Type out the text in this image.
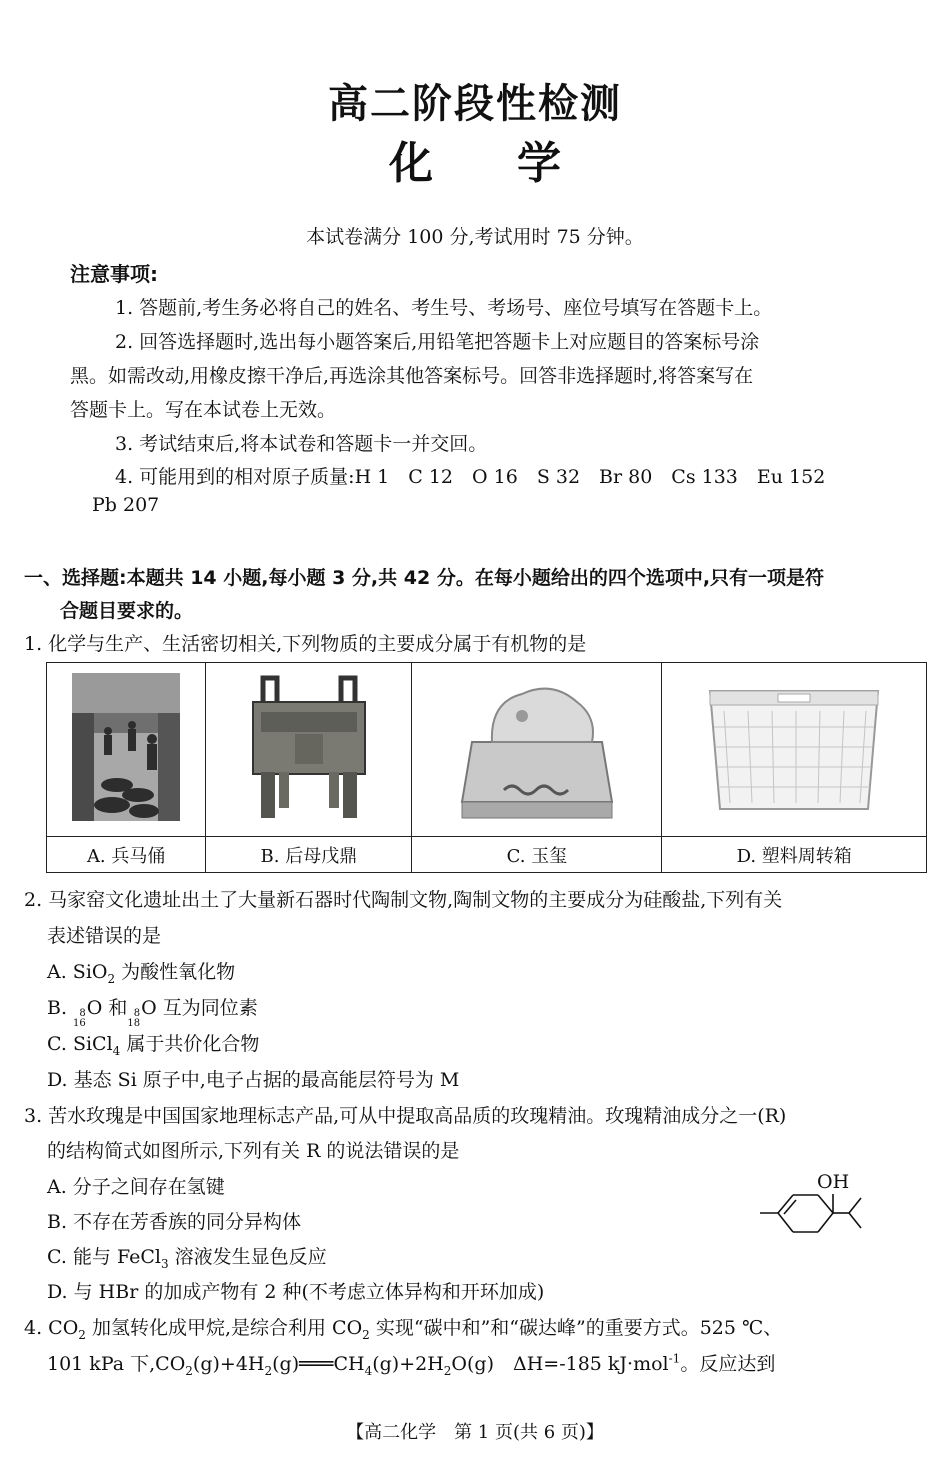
高二阶段性检测
化 学
本试卷满分 100 分,考试用时 75 分钟。
注意事项:
1. 答题前,考生务必将自己的姓名、考生号、考场号、座位号填写在答题卡上。
2. 回答选择题时,选出每小题答案后,用铅笔把答题卡上对应题目的答案标号涂
黑。如需改动,用橡皮擦干净后,再选涂其他答案标号。回答非选择题时,将答案写在
答题卡上。写在本试卷上无效。
3. 考试结束后,将本试卷和答题卡一并交回。
4. 可能用到的相对原子质量:H 1　C 12　O 16　S 32　Br 80　Cs 133　Eu 152
Pb 207
一、选择题:本题共 14 小题,每小题 3 分,共 42 分。在每小题给出的四个选项中,只有一项是符
合题目要求的。
1. 化学与生产、生活密切相关,下列物质的主要成分属于有机物的是

A. 兵马俑	B. 后母戊鼎	C. 玉玺	D. 塑料周转箱
2. 马家窑文化遗址出土了大量新石器时代陶制文物,陶制文物的主要成分为硅酸盐,下列有关
表述错误的是
A. SiO$_2$ 为酸性氧化物
B. 8
16
O 和 8
18
O 互为同位素
C. SiCl$_4$ 属于共价化合物
D. 基态 Si 原子中,电子占据的最高能层符号为 M
3. 苦水玫瑰是中国国家地理标志产品,可从中提取高品质的玫瑰精油。玫瑰精油成分之一(R)
的结构简式如图所示,下列有关 R 的说法错误的是
A. 分子之间存在氢键
B. 不存在芳香族的同分异构体
C. 能与 FeCl$_3$ 溶液发生显色反应
D. 与 HBr 的加成产物有 2 种(不考虑立体异构和开环加成)
OH
4. $CO_2$ 加氢转化成甲烷,是综合利用 $CO_2$ 实现“碳中和”和“碳达峰”的重要方式。525 ℃、
101 kPa 下$,CO_2(g)+4H_2(g)═══CH_4(g)+2H_2O(g)$　ΔH=-185 kJ·mol$^{-1}$。反应达到
【高二化学　第 1 页(共 6 页)】
